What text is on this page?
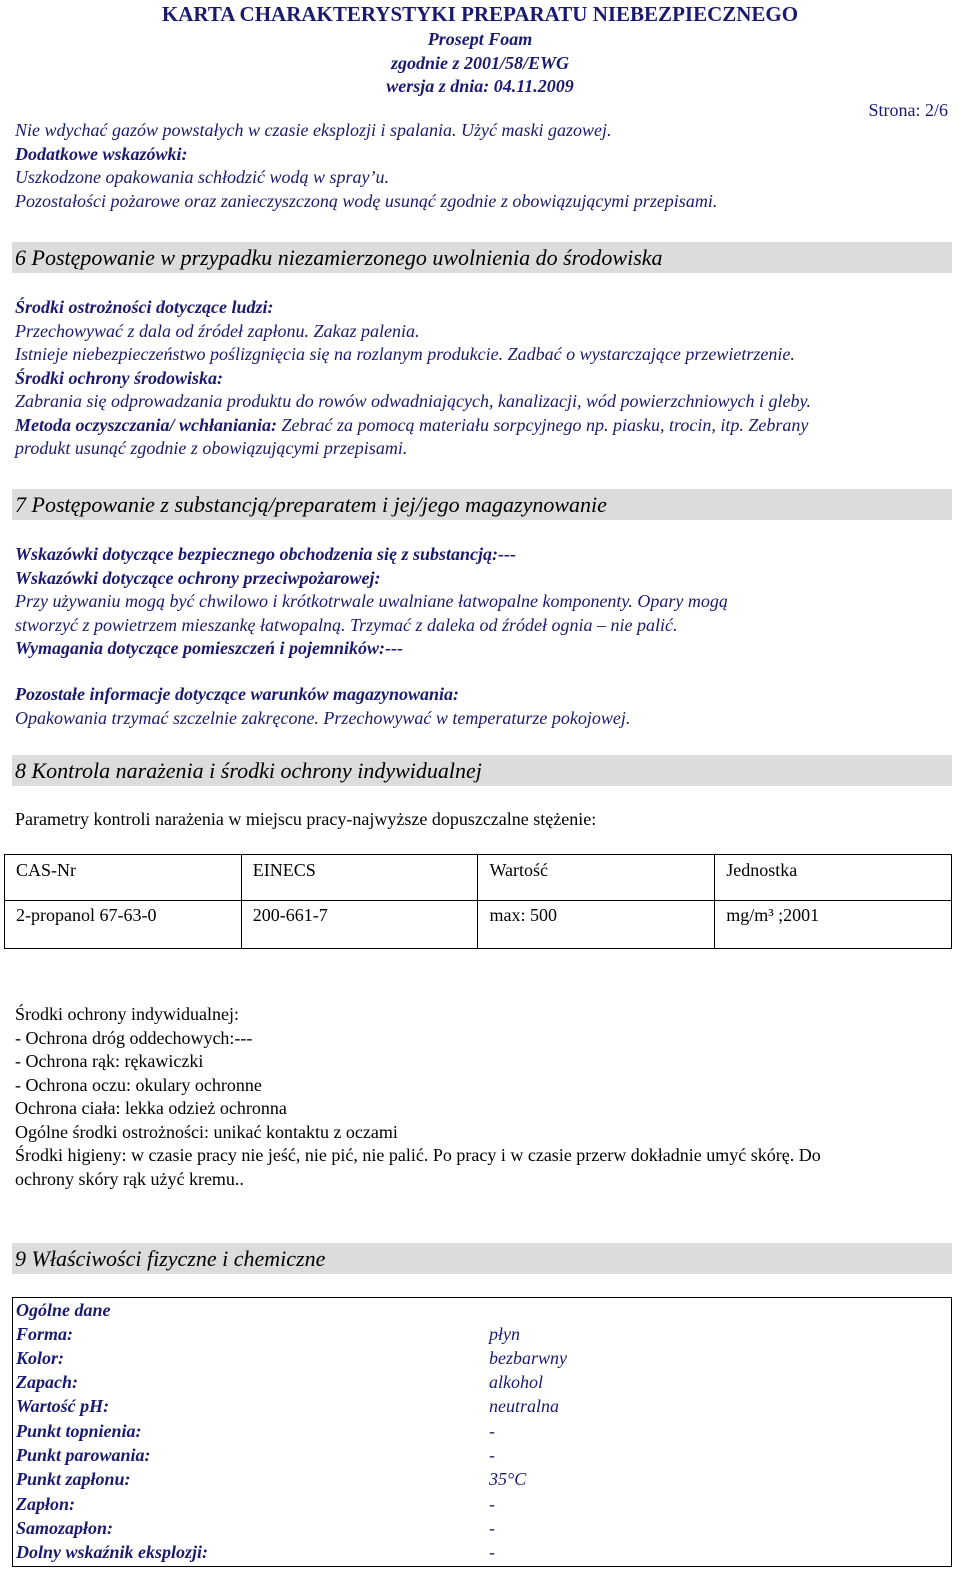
KARTA CHARAKTERYSTYKI PREPARATU NIEBEZPIECZNEGO
Prosept Foam
zgodnie z 2001/58/EWG
wersja z dnia: 04.11.2009
Strona: 2/6
Nie wdychać gazów powstałych w czasie eksplozji i spalania. Użyć maski gazowej.
Dodatkowe wskazówki:
Uszkodzone opakowania schłodzić wodą w spray’u.
Pozostałości pożarowe oraz zanieczyszczoną wodę usunąć zgodnie z obowiązującymi przepisami.
6 Postępowanie w przypadku niezamierzonego uwolnienia do środowiska
Środki ostrożności dotyczące ludzi:
Przechowywać z dala od źródeł zapłonu. Zakaz palenia.
Istnieje niebezpieczeństwo poślizgnięcia się na rozlanym produkcie. Zadbać o wystarczające przewietrzenie.
Środki ochrony środowiska:
Zabrania się odprowadzania produktu do rowów odwadniających, kanalizacji, wód powierzchniowych i gleby.
Metoda oczyszczania/ wchłaniania: Zebrać za pomocą materiału sorpcyjnego np. piasku, trocin, itp. Zebrany
produkt usunąć zgodnie z obowiązującymi przepisami.
7 Postępowanie z substancją/preparatem i jej/jego magazynowanie
Wskazówki dotyczące bezpiecznego obchodzenia się z substancją:---
Wskazówki dotyczące ochrony przeciwpożarowej:
Przy używaniu mogą być chwilowo i krótkotrwale uwalniane łatwopalne komponenty. Opary mogą
stworzyć z powietrzem mieszankę łatwopalną. Trzymać z daleka od źródeł ognia – nie palić.
Wymagania dotyczące pomieszczeń i pojemników:---
Pozostałe informacje dotyczące warunków magazynowania:
Opakowania trzymać szczelnie zakręcone. Przechowywać w temperaturze pokojowej.
8 Kontrola narażenia i środki ochrony indywidualnej
Parametry kontroli narażenia w miejscu pracy-najwyższe dopuszczalne stężenie:
CAS-Nr	EINECS	Wartość	Jednostka
2-propanol 67-63-0	200-661-7	max: 500	mg/m³ ;2001
Środki ochrony indywidualnej:
- Ochrona dróg oddechowych:---
- Ochrona rąk: rękawiczki
- Ochrona oczu: okulary ochronne
Ochrona ciała: lekka odzież ochronna
Ogólne środki ostrożności: unikać kontaktu z oczami
Środki higieny: w czasie pracy nie jeść, nie pić, nie palić. Po pracy i w czasie przerw dokładnie umyć skórę. Do
ochrony skóry rąk użyć kremu..
9 Właściwości fizyczne i chemiczne
Ogólne dane
Forma:	płyn
Kolor:	bezbarwny
Zapach:	alkohol
Wartość pH:	neutralna
Punkt topnienia:	-
Punkt parowania:	-
Punkt zapłonu:	35°C
Zapłon:	-
Samozapłon:	-
Dolny wskaźnik eksplozji:	-
